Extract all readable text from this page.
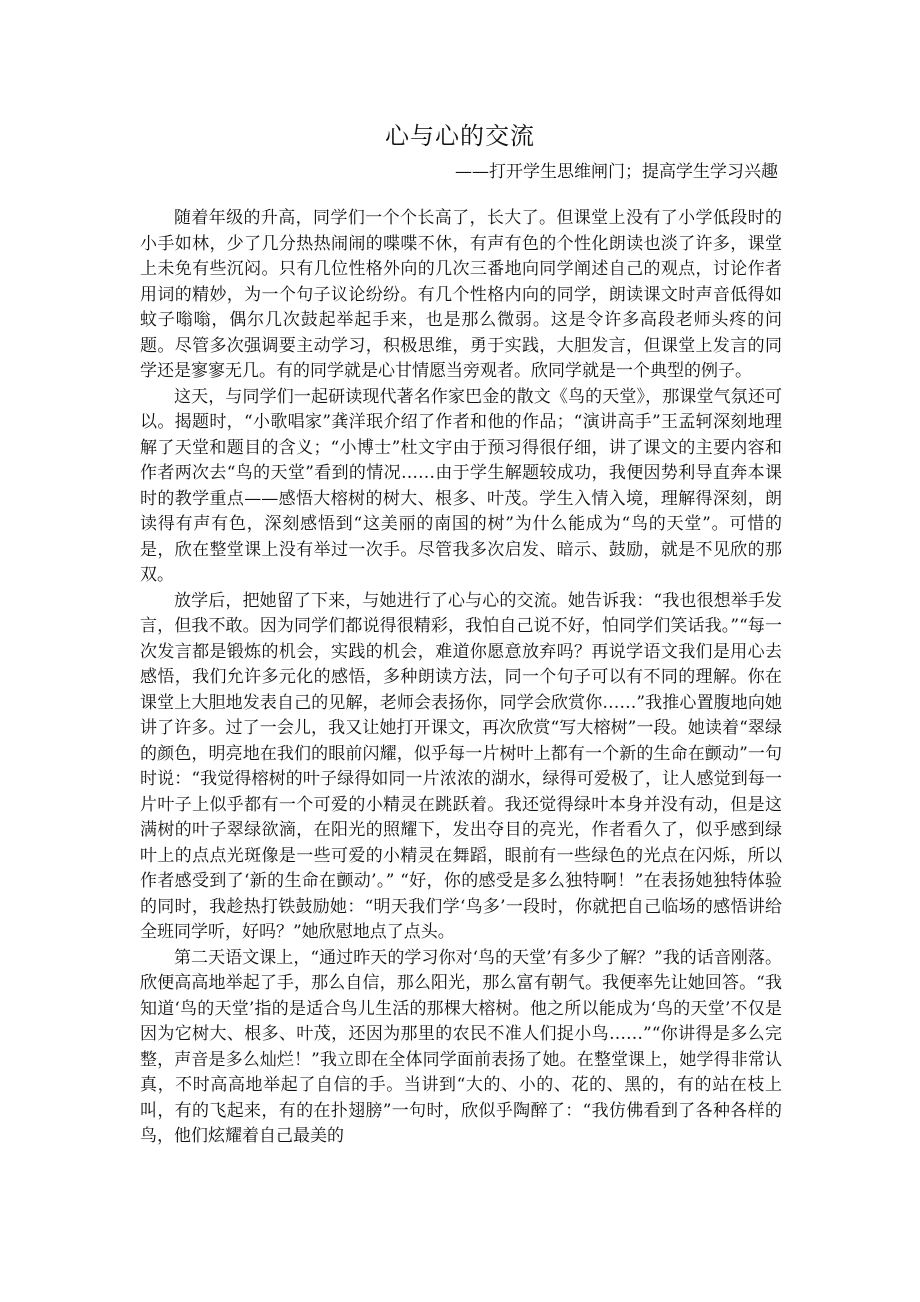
心与心的交流
——打开学生思维闸门；提高学生学习兴趣

随着年级的升高，同学们一个个长高了，长大了。但课堂上没有了小学低段时的小手如林，少了几分热热闹闹的喋喋不休，有声有色的个性化朗读也淡了许多，课堂上未免有些沉闷。只有几位性格外向的几次三番地向同学阐述自己的观点，讨论作者用词的精妙，为一个句子议论纷纷。有几个性格内向的同学，朗读课文时声音低得如蚊子嗡嗡，偶尔几次鼓起举起手来，也是那么微弱。这是令许多高段老师头疼的问题。尽管多次强调要主动学习，积极思维，勇于实践，大胆发言，但课堂上发言的同学还是寥寥无几。有的同学就是心甘情愿当旁观者。欣同学就是一个典型的例子。

这天，与同学们一起研读现代著名作家巴金的散文《鸟的天堂》，那课堂气氛还可以。揭题时，“小歌唱家”龚洋珉介绍了作者和他的作品；“演讲高手”王孟轲深刻地理解了天堂和题目的含义；“小博士”杜文宇由于预习得很仔细，讲了课文的主要内容和作者两次去“鸟的天堂”看到的情况……由于学生解题较成功，我便因势利导直奔本课时的教学重点——感悟大榕树的树大、根多、叶茂。学生入情入境，理解得深刻，朗读得有声有色，深刻感悟到“这美丽的南国的树”为什么能成为“鸟的天堂”。可惜的是，欣在整堂课上没有举过一次手。尽管我多次启发、暗示、鼓励，就是不见欣的那双。

放学后，把她留了下来，与她进行了心与心的交流。她告诉我：“我也很想举手发言，但我不敢。因为同学们都说得很精彩，我怕自己说不好，怕同学们笑话我。”“每一次发言都是锻炼的机会，实践的机会，难道你愿意放弃吗？再说学语文我们是用心去感悟，我们允许多元化的感悟，多种朗读方法，同一个句子可以有不同的理解。你在课堂上大胆地发表自己的见解，老师会表扬你，同学会欣赏你……”我推心置腹地向她讲了许多。过了一会儿，我又让她打开课文，再次欣赏“写大榕树”一段。她读着“翠绿的颜色，明亮地在我们的眼前闪耀，似乎每一片树叶上都有一个新的生命在颤动”一句时说：“我觉得榕树的叶子绿得如同一片浓浓的湖水，绿得可爱极了，让人感觉到每一片叶子上似乎都有一个可爱的小精灵在跳跃着。我还觉得绿叶本身并没有动，但是这满树的叶子翠绿欲滴，在阳光的照耀下，发出夺目的亮光，作者看久了，似乎感到绿叶上的点点光斑像是一些可爱的小精灵在舞蹈，眼前有一些绿色的光点在闪烁，所以作者感受到了‘新的生命在颤动’。” “好，你的感受是多么独特啊！”在表扬她独特体验的同时，我趁热打铁鼓励她：“明天我们学‘鸟多’一段时，你就把自己临场的感悟讲给全班同学听，好吗？”她欣慰地点了点头。

第二天语文课上，“通过昨天的学习你对‘鸟的天堂’有多少了解？”我的话音刚落。欣便高高地举起了手，那么自信，那么阳光，那么富有朝气。我便率先让她回答。“我知道‘鸟的天堂’指的是适合鸟儿生活的那棵大榕树。他之所以能成为‘鸟的天堂’不仅是因为它树大、根多、叶茂，还因为那里的农民不准人们捉小鸟……”“你讲得是多么完整，声音是多么灿烂！”我立即在全体同学面前表扬了她。在整堂课上，她学得非常认真，不时高高地举起了自信的手。当讲到“大的、小的、花的、黑的，有的站在枝上叫，有的飞起来，有的在扑翅膀”一句时，欣似乎陶醉了：“我仿佛看到了各种各样的鸟，他们炫耀着自己最美的
